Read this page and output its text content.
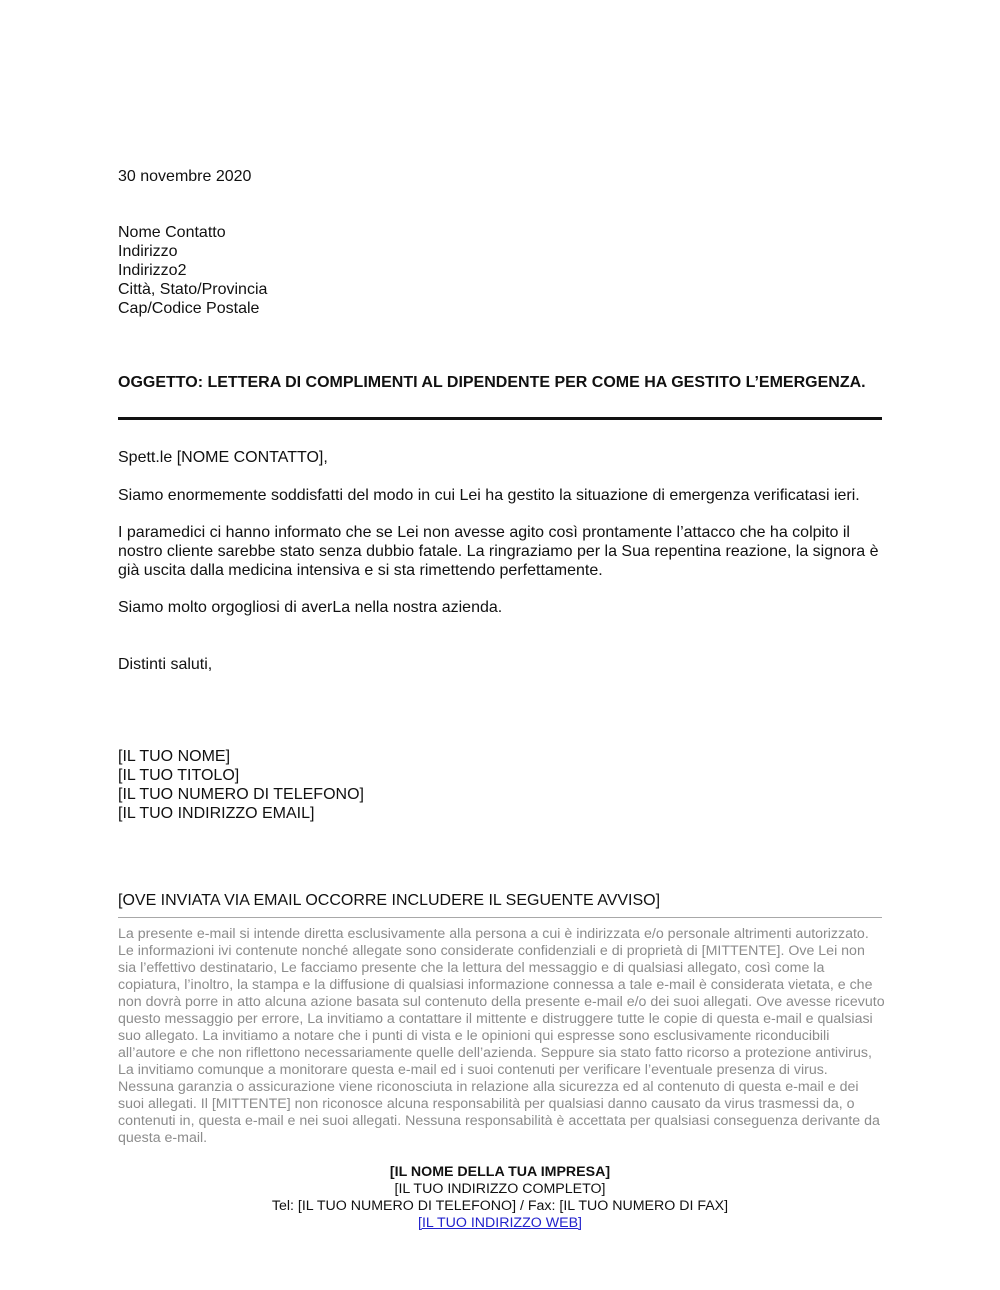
30 novembre 2020
Nome Contatto
Indirizzo
Indirizzo2
Città, Stato/Provincia
Cap/Codice Postale
OGGETTO: LETTERA DI COMPLIMENTI AL DIPENDENTE PER COME HA GESTITO L’EMERGENZA.
Spett.le [NOME CONTATTO],
Siamo enormemente soddisfatti del modo in cui Lei ha gestito la situazione di emergenza verificatasi ieri.
I paramedici ci hanno informato che se Lei non avesse agito così prontamente l’attacco che ha colpito il nostro cliente sarebbe stato senza dubbio fatale. La ringraziamo per la Sua repentina reazione, la signora è già uscita dalla medicina intensiva e si sta rimettendo perfettamente.
Siamo molto orgogliosi di averLa nella nostra azienda.
Distinti saluti,
[IL TUO NOME]
[IL TUO TITOLO]
[IL TUO NUMERO DI TELEFONO]
[IL TUO INDIRIZZO EMAIL]
[OVE INVIATA VIA EMAIL OCCORRE INCLUDERE IL SEGUENTE AVVISO]
La presente e-mail si intende diretta esclusivamente alla persona a cui è indirizzata e/o personale altrimenti autorizzato. Le informazioni ivi contenute nonché allegate sono considerate confidenziali e di proprietà di [MITTENTE]. Ove Lei non sia l’effettivo destinatario, Le facciamo presente che la lettura del messaggio e di qualsiasi allegato, così come la copiatura, l’inoltro, la stampa e la diffusione di qualsiasi informazione connessa a tale e-mail è considerata vietata, e che non dovrà porre in atto alcuna azione basata sul contenuto della presente e-mail e/o dei suoi allegati. Ove avesse ricevuto questo messaggio per errore, La invitiamo a contattare il mittente e distruggere tutte le copie di questa e-mail e qualsiasi suo allegato. La invitiamo a notare che i punti di vista e le opinioni qui espresse sono esclusivamente riconducibili all’autore e che non riflettono necessariamente quelle dell’azienda. Seppure sia stato fatto ricorso a protezione antivirus, La invitiamo comunque a monitorare questa e-mail ed i suoi contenuti per verificare l’eventuale presenza di virus. Nessuna garanzia o assicurazione viene riconosciuta in relazione alla sicurezza ed al contenuto di questa e-mail e dei suoi allegati. Il [MITTENTE] non riconosce alcuna responsabilità per qualsiasi danno causato da virus trasmessi da, o contenuti in, questa e-mail e nei suoi allegati. Nessuna responsabilità è accettata per qualsiasi conseguenza derivante da questa e-mail.
[IL NOME DELLA TUA IMPRESA]
[IL TUO INDIRIZZO COMPLETO]
Tel: [IL TUO NUMERO DI TELEFONO] / Fax: [IL TUO NUMERO DI FAX]
[IL TUO INDIRIZZO WEB]
